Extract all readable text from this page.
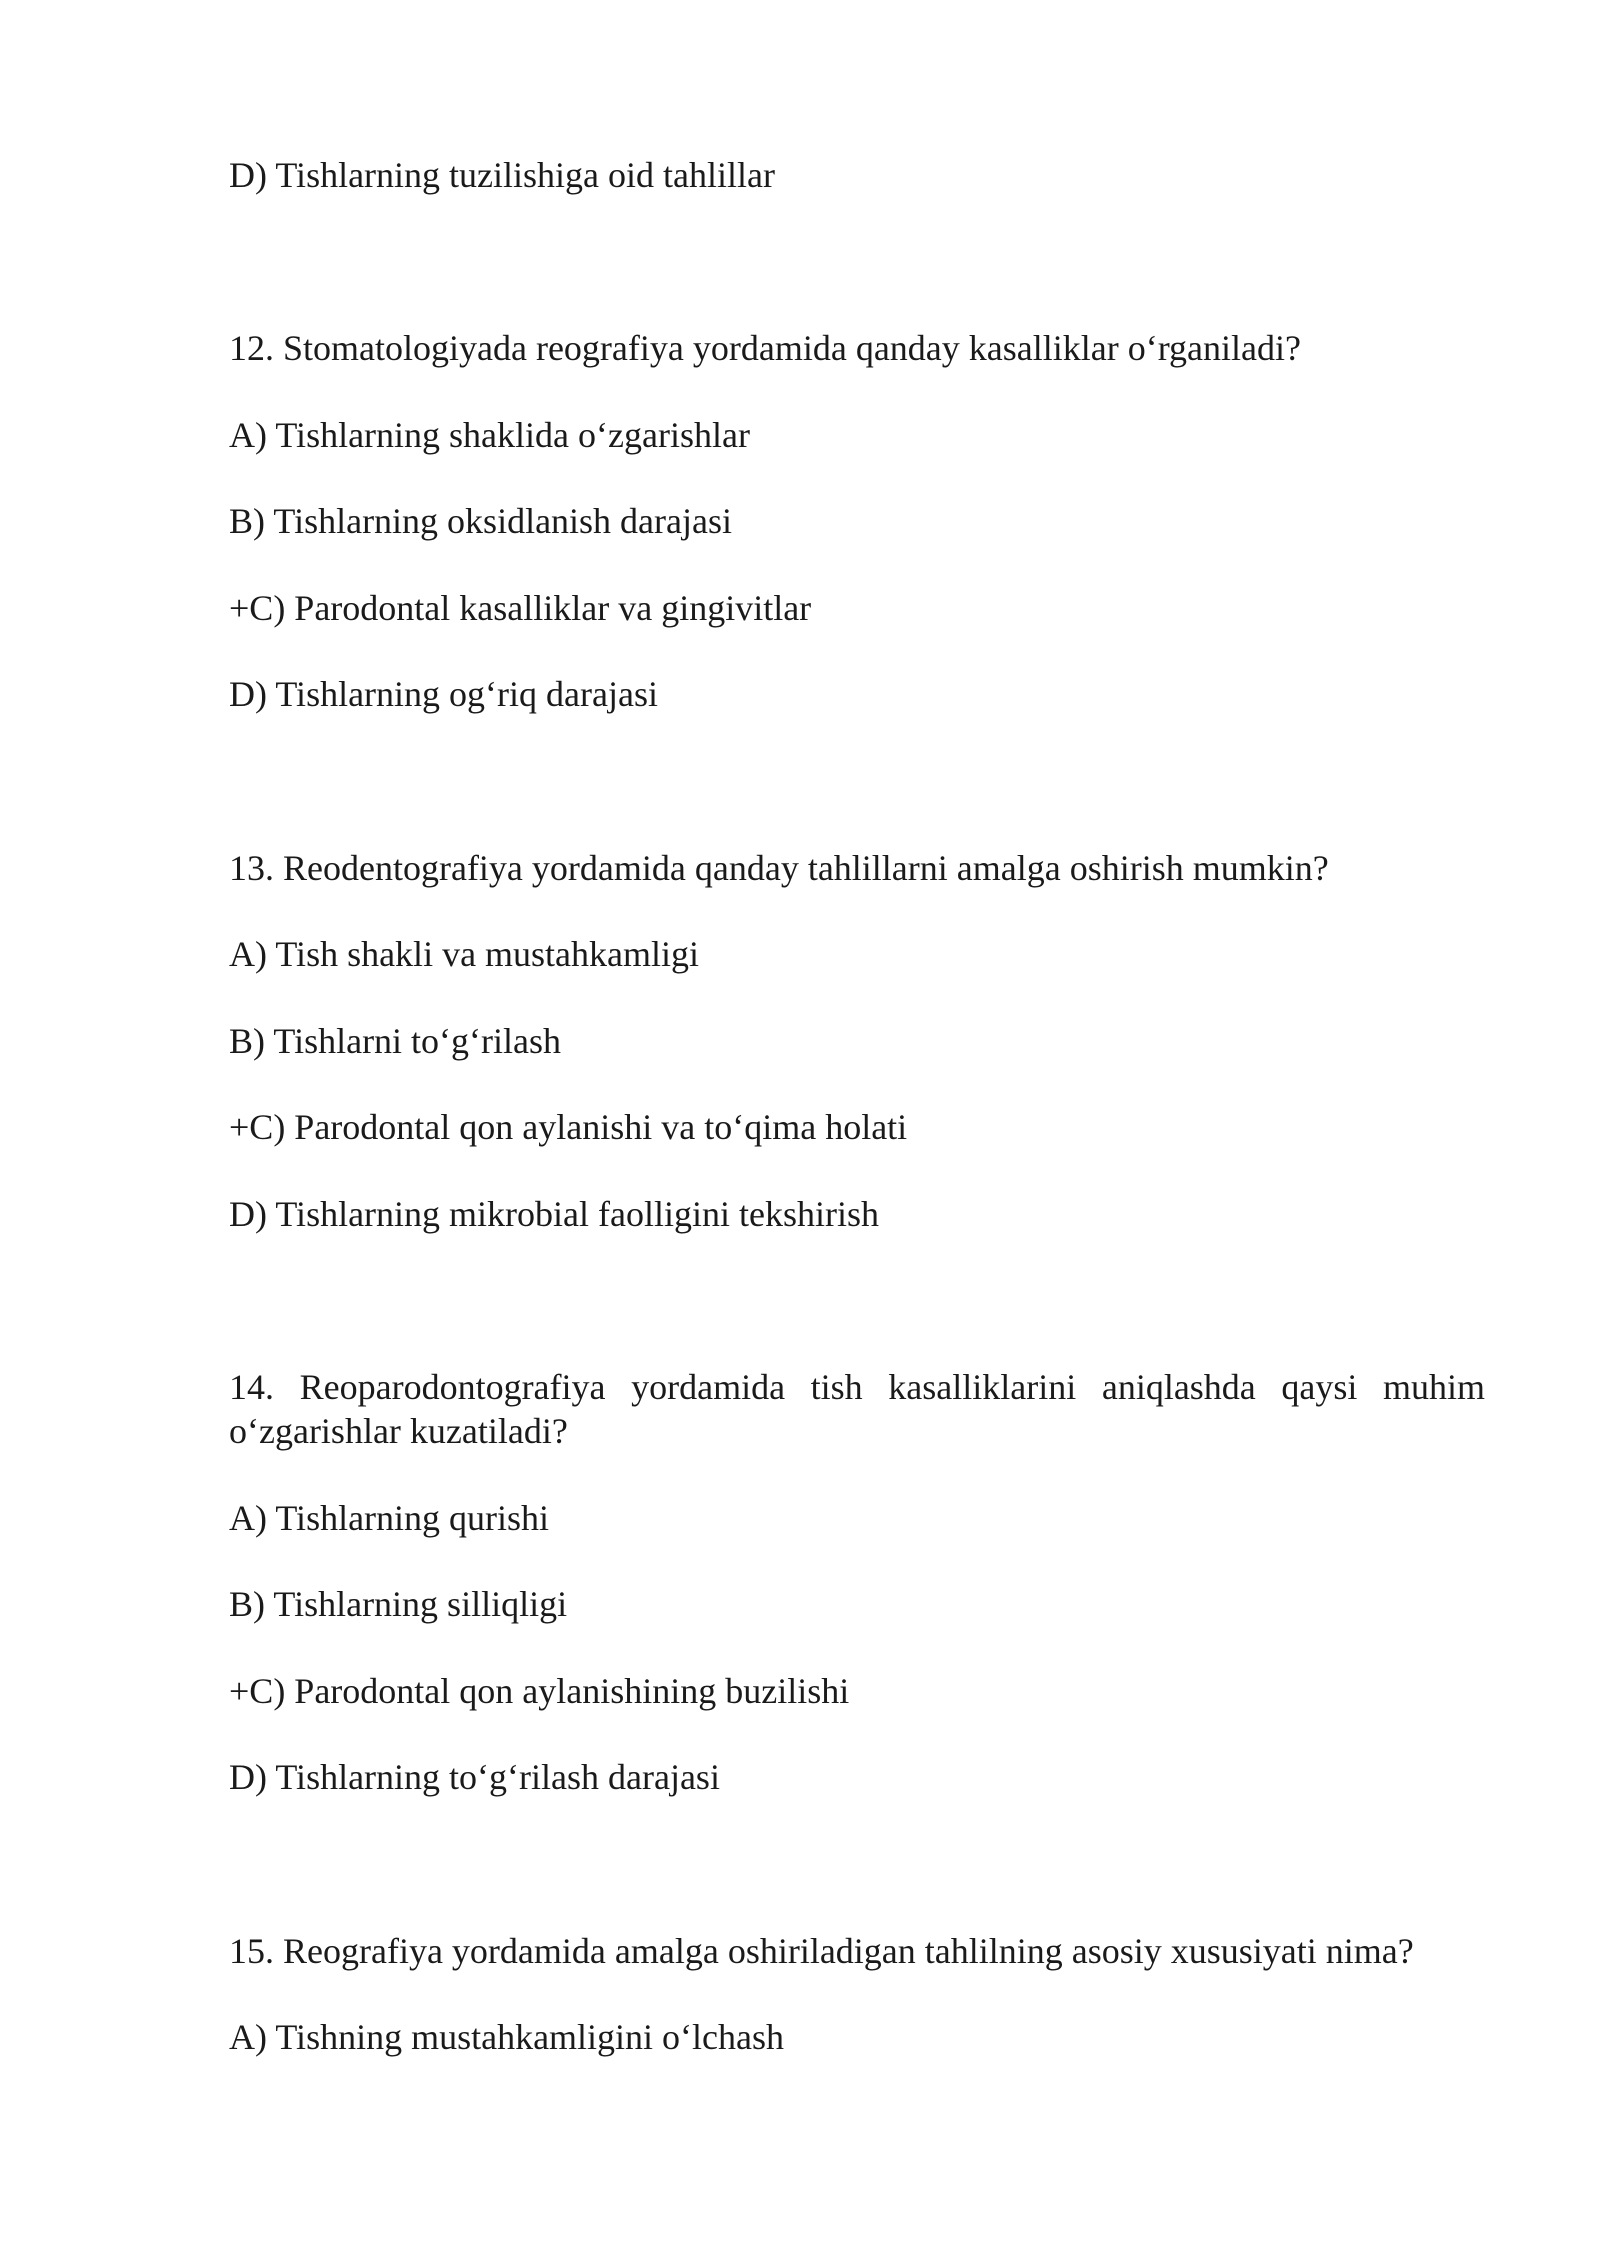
D) Tishlarning tuzilishiga oid tahlillar
12. Stomatologiyada reografiya yordamida qanday kasalliklar o‘rganiladi?
A) Tishlarning shaklida o‘zgarishlar
B) Tishlarning oksidlanish darajasi
+C) Parodontal kasalliklar va gingivitlar
D) Tishlarning og‘riq darajasi
13. Reodentografiya yordamida qanday tahlillarni amalga oshirish mumkin?
A) Tish shakli va mustahkamligi
B) Tishlarni to‘g‘rilash
+C) Parodontal qon aylanishi va to‘qima holati
D) Tishlarning mikrobial faolligini tekshirish
14. Reoparodontografiya yordamida tish kasalliklarini aniqlashda qaysi muhim
o‘zgarishlar kuzatiladi?
A) Tishlarning qurishi
B) Tishlarning silliqligi
+C) Parodontal qon aylanishining buzilishi
D) Tishlarning to‘g‘rilash darajasi
15. Reografiya yordamida amalga oshiriladigan tahlilning asosiy xususiyati nima?
A) Tishning mustahkamligini o‘lchash
